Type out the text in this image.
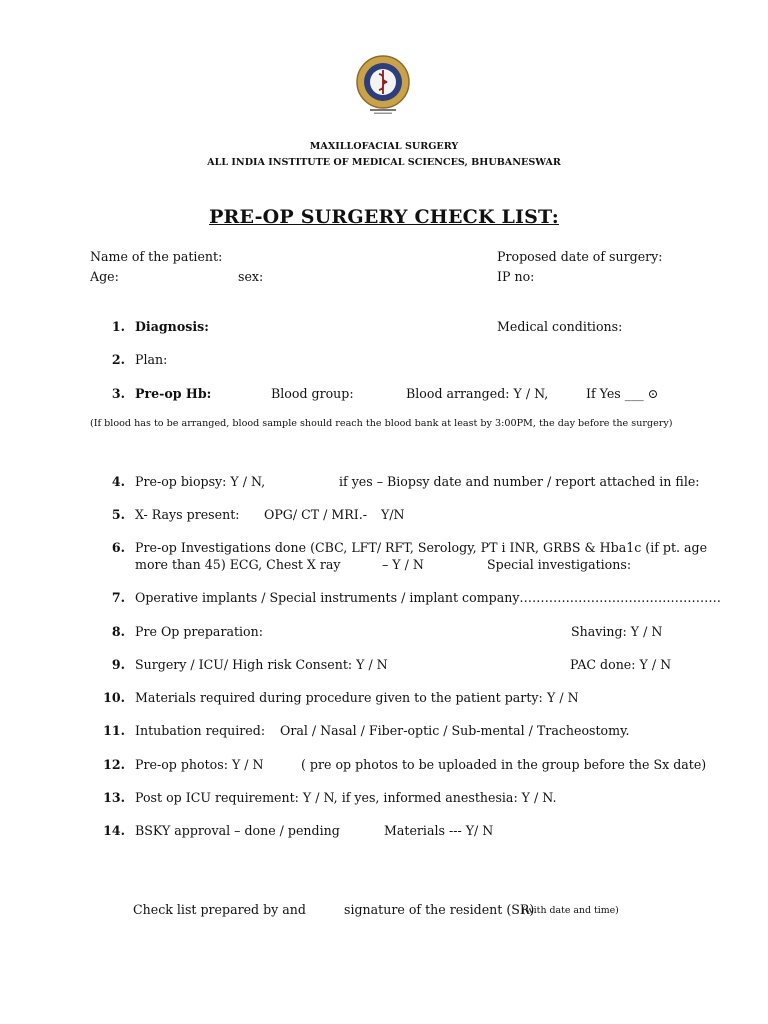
MAXILLOFACIAL SURGERY
ALL INDIA INSTITUTE OF MEDICAL SCIENCES, BHUBANESWAR
PRE-OP SURGERY CHECK LIST:
Name of the patient:	Proposed date of surgery:
Age:	sex:	IP no:
1. Diagnosis:	Medical conditions:
2. Plan:
3. Pre-op Hb:	Blood group:	Blood arranged: Y / N,	If Yes ___ ⊙
(If blood has to be arranged, blood sample should reach the blood bank at least by 3:00PM, the day before the surgery)
4. Pre-op biopsy: Y / N,	if yes – Biopsy date and number / report attached in file:
5. X- Rays present: OPG/ CT / MRI.- Y/N
6. Pre-op Investigations done (CBC, LFT/ RFT, Serology, PT i INR, GRBS & Hba1c (if pt. age
more than 45) ECG, Chest X ray	– Y / N	Special investigations:
7. Operative implants / Special instruments / implant company…………………………………………
8. Pre Op preparation:	Shaving: Y / N
9. Surgery / ICU/ High risk Consent: Y / N	PAC done: Y / N
10. Materials required during procedure given to the patient party: Y / N
11. Intubation required: Oral / Nasal / Fiber-optic / Sub-mental / Tracheostomy.
12. Pre-op photos: Y / N	( pre op photos to be uploaded in the group before the Sx date)
13. Post op ICU requirement: Y / N, if yes, informed anesthesia: Y / N.
14. BSKY approval – done / pending	Materials --- Y/ N
Check list prepared by and	signature of the resident (SR)
(with date and time)
